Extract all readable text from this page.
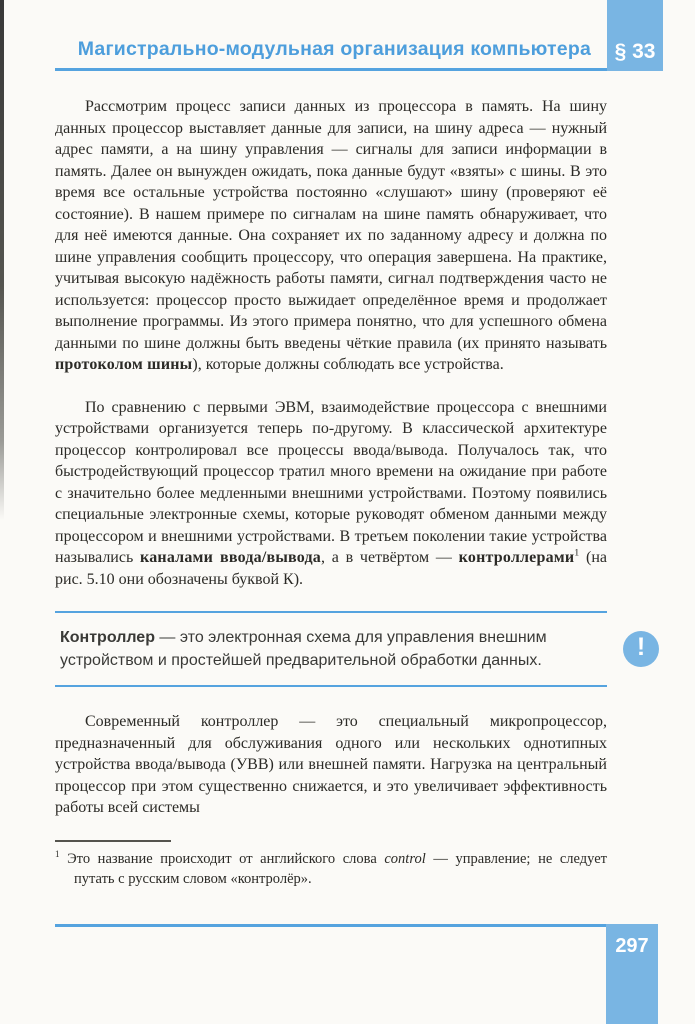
Магистрально-модульная организация компьютера	§ 33

Рассмотрим процесс записи данных из процессора в память. На шину данных процессор выставляет данные для записи, на шину адреса — нужный адрес памяти, а на шину управления — сигналы для записи информации в память. Далее он вынужден ожидать, пока данные будут «взяты» с шины. В это время все остальные устройства постоянно «слушают» шину (проверяют её состояние). В нашем примере по сигналам на шине память обнаруживает, что для неё имеются данные. Она сохраняет их по заданному адресу и должна по шине управления сообщить процессору, что операция завершена. На практике, учитывая высокую надёжность работы памяти, сигнал подтверждения часто не используется: процессор просто выжидает определённое время и продолжает выполнение программы. Из этого примера понятно, что для успешного обмена данными по шине должны быть введены чёткие правила (их принято называть протоколом шины), которые должны соблюдать все устройства.

По сравнению с первыми ЭВМ, взаимодействие процессора с внешними устройствами организуется теперь по-другому. В классической архитектуре процессор контролировал все процессы ввода/вывода. Получалось так, что быстродействующий процессор тратил много времени на ожидание при работе с значительно более медленными внешними устройствами. Поэтому появились специальные электронные схемы, которые руководят обменом данными между процессором и внешними устройствами. В третьем поколении такие устройства назывались каналами ввода/вывода, а в четвёртом — контроллерами$^1$ (на рис. 5.10 они обозначены буквой К).

Контроллер — это электронная схема для управления внешним устройством и простейшей предварительной обработки данных.	!

Современный контроллер — это специальный микропроцессор, предназначенный для обслуживания одного или нескольких однотипных устройства ввода/вывода (УВВ) или внешней памяти. Нагрузка на центральный процессор при этом существенно снижается, и это увеличивает эффективность работы всей системы

$^1$ Это название происходит от английского слова control — управление; не следует путать с русским словом «контролёр».

297
